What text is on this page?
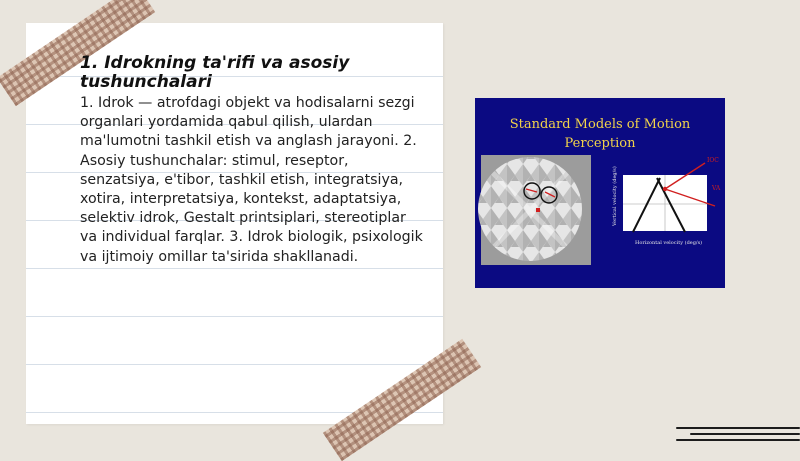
1. Idrokning ta'rifi va asosiy tushunchalari

1. Idrok — atrofdagi objekt va hodisalarni sezgi organlari yordamida qabul qilish, ulardan ma'lumotni tashkil etish va anglash jarayoni. 2. Asosiy tushunchalar: stimul, reseptor, senzatsiya, e'tibor, tashkil etish, integratsiya, xotira, interpretatsiya, kontekst, adaptatsiya, selektiv idrok, Gestalt printsiplari, stereotiplar va individual farqlar. 3. Idrok biologik, psixologik va ijtimoiy omillar ta'sirida shakllanadi.

Standard Models of Motion
Perception
IOC
VA
Horizontal velocity (deg/s)
Vertical velocity (deg/s)
